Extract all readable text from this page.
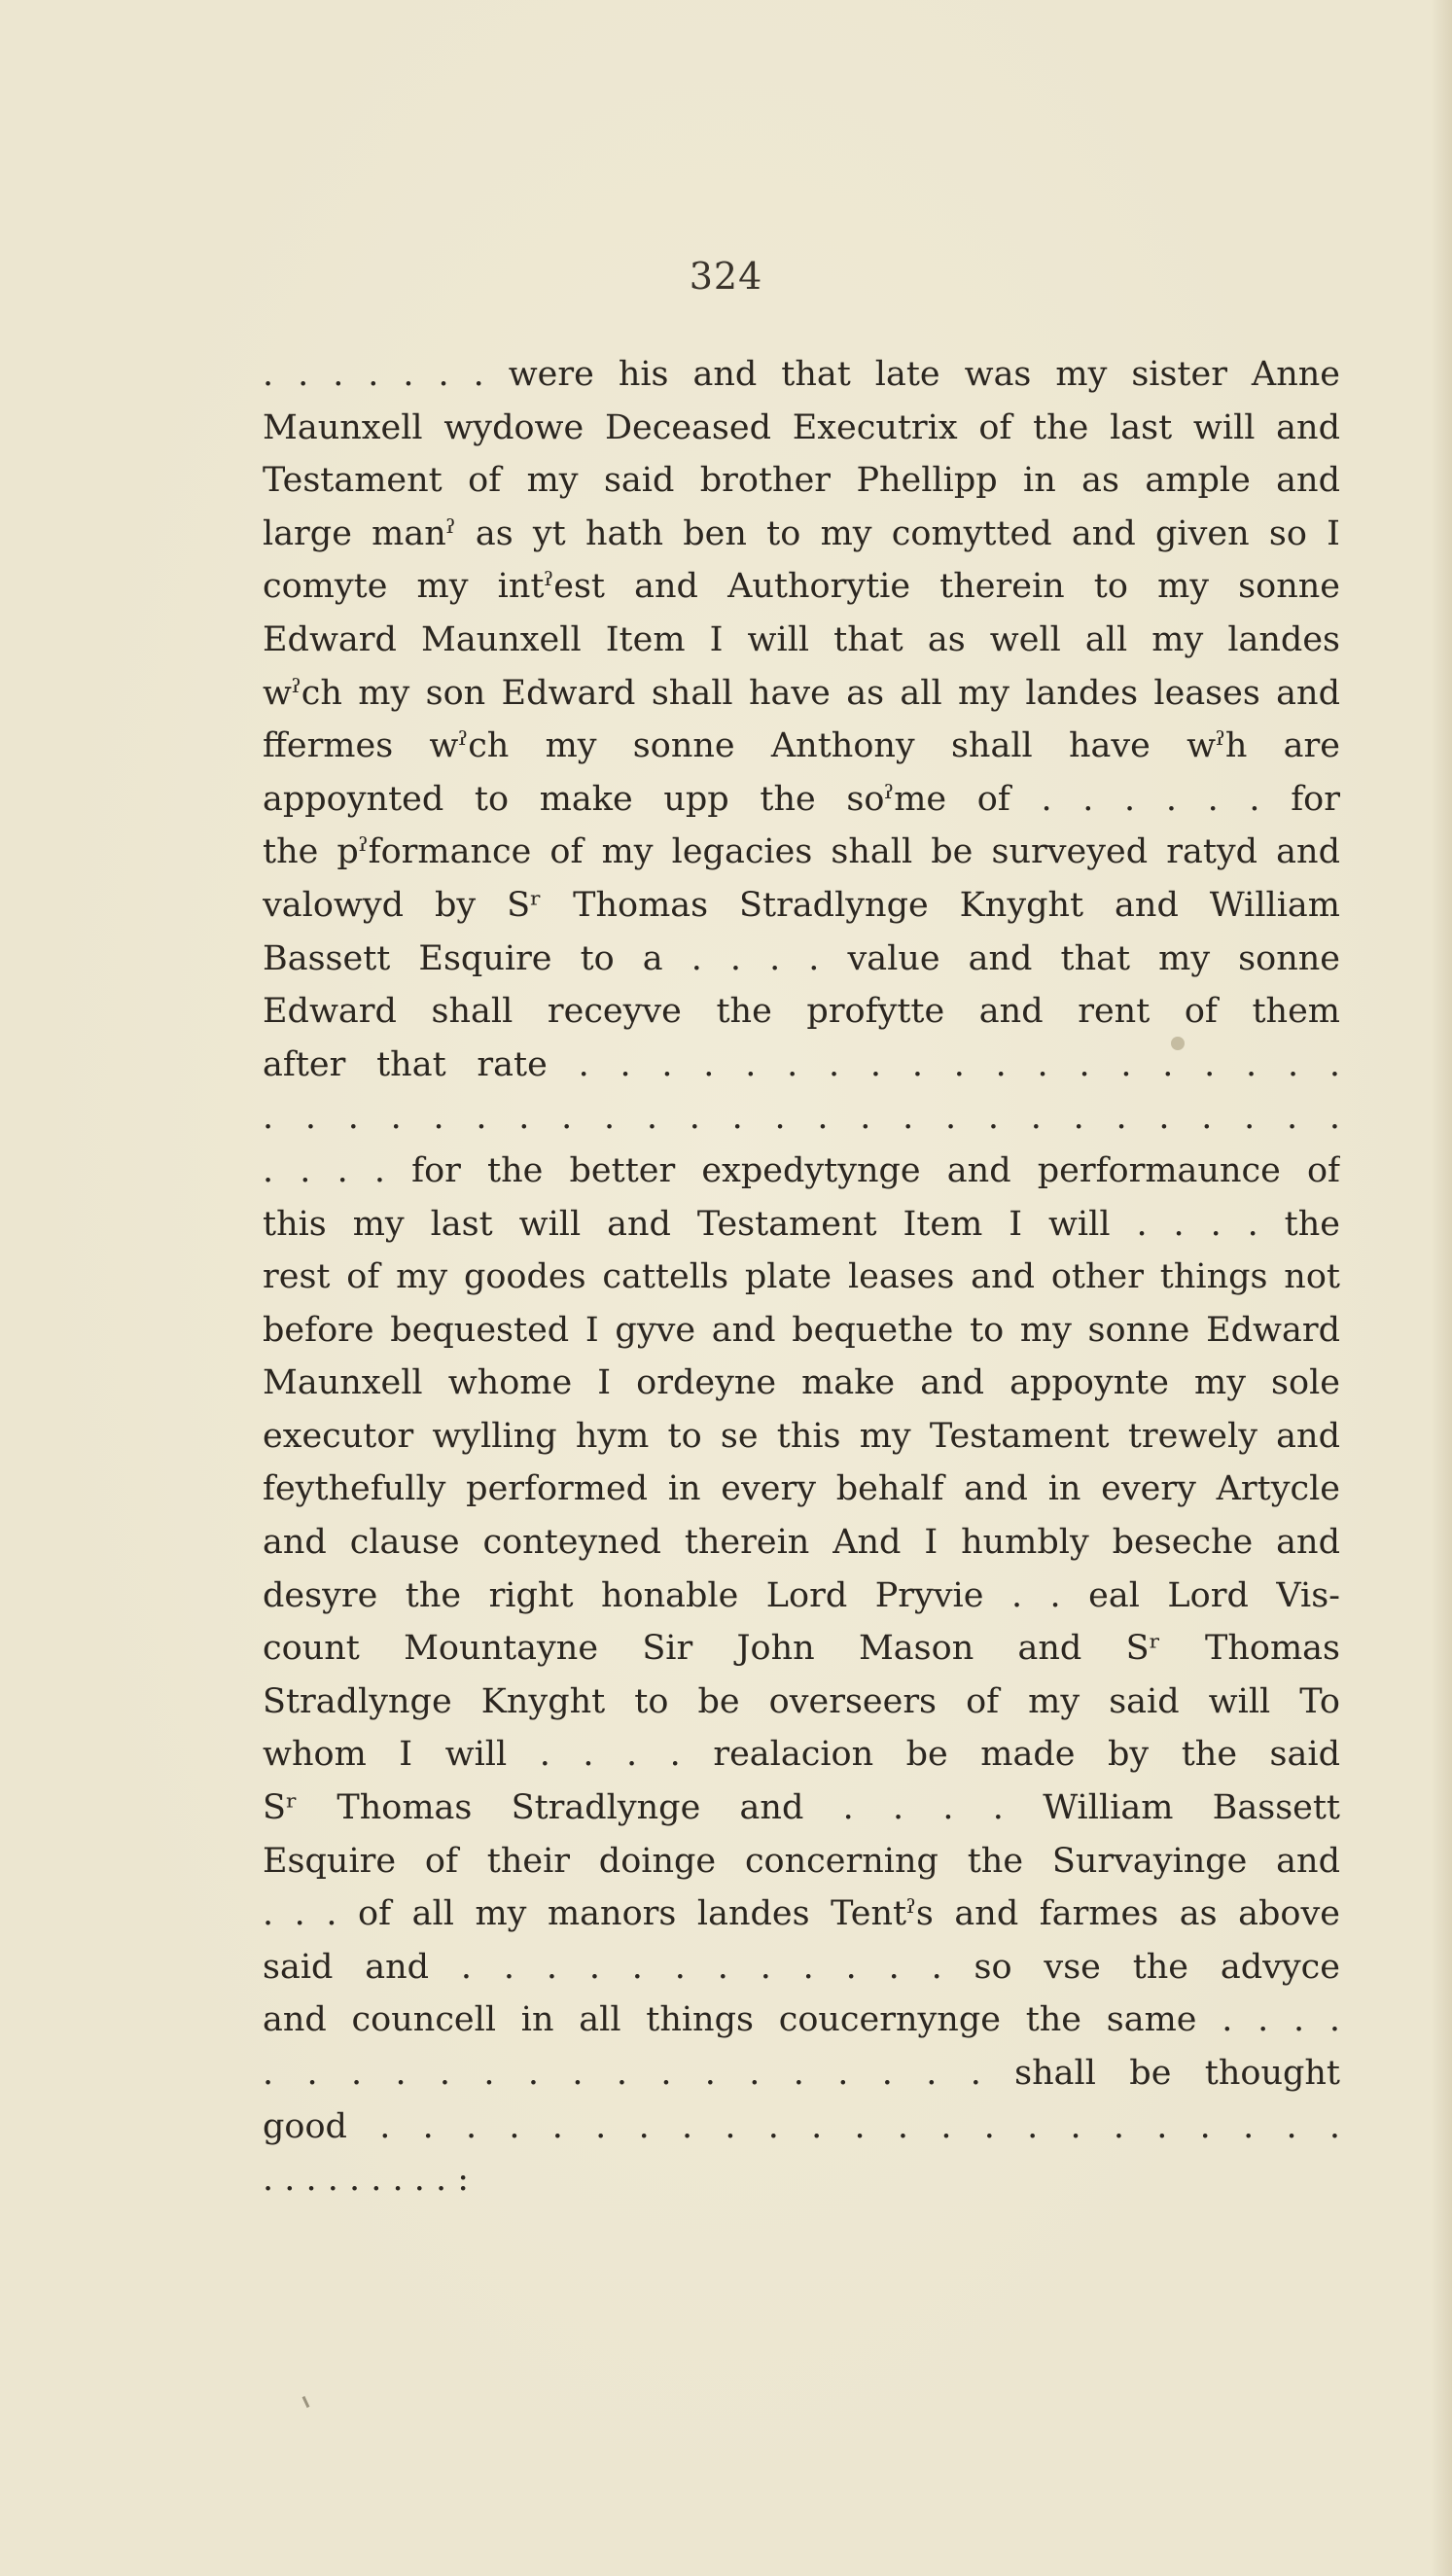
324
. . . . . . . were his and that late was my sister Anne
Maunxell wydowe Deceased Executrix of the last will and
Testament of my said brother Phellipp in as ample and
large manˀ as yt hath ben to my comytted and given so I
comyte my intˀest and Authorytie therein to my sonne
Edward Maunxell Item I will that as well all my landes
wˀch my son Edward shall have as all my landes leases and
ffermes wˀch my sonne Anthony shall have wˀh are
appoynted to make upp the soˀme of . . . . . . for
the pˀformance of my legacies shall be surveyed ratyd and
valowyd by Sʳ Thomas Stradlynge Knyght and William
Bassett Esquire to a . . . . value and that my sonne
Edward shall receyve the profytte and rent of them
after that rate . . . . . . . . . . . . . . . . . . .
. . . . . . . . . . . . . . . . . . . . . . . . . .
. . . . for the better expedytynge and performaunce of
this my last will and Testament Item I will . . . . the
rest of my goodes cattells plate leases and other things not
before bequested I gyve and bequethe to my sonne Edward
Maunxell whome I ordeyne make and appoynte my sole
executor wylling hym to se this my Testament trewely and
feythefully performed in every behalf and in every Artycle
and clause conteyned therein And I humbly beseche and
desyre the right honable Lord Pryvie . . eal Lord Vis-
count Mountayne Sir John Mason and Sʳ Thomas
Stradlynge Knyght to be overseers of my said will To
whom I will . . . . realacion be made by the said
Sʳ Thomas Stradlynge and . . . . William Bassett
Esquire of their doinge concerning the Survayinge and
. . . of all my manors landes Tentˀs and farmes as above
said and . . . . . . . . . . . . so vse the advyce
and councell in all things coucernynge the same . . . .
. . . . . . . . . . . . . . . . . shall be thought
good . . . . . . . . . . . . . . . . . . . . . . .
. . . . . . . . . :
